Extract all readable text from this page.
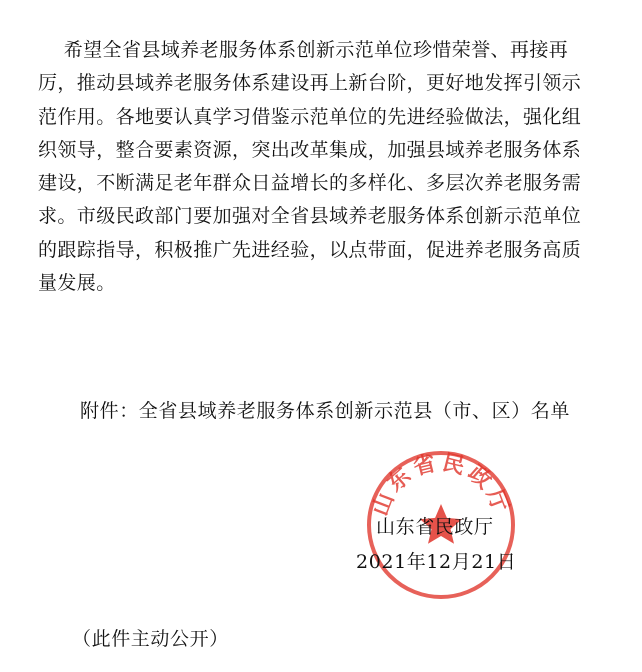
希望全省县域养老服务体系创新示范单位珍惜荣誉、再接再
厉，推动县域养老服务体系建设再上新台阶，更好地发挥引领示
范作用。各地要认真学习借鉴示范单位的先进经验做法，强化组
织领导，整合要素资源，突出改革集成，加强县域养老服务体系
建设，不断满足老年群众日益增长的多样化、多层次养老服务需
求。市级民政部门要加强对全省县域养老服务体系创新示范单位
的跟踪指导，积极推广先进经验，以点带面，促进养老服务高质
量发展。

附件：全省县域养老服务体系创新示范县（市、区）名单

山东省民政厅
山东省民政厅
2021年12月21日

（此件主动公开）
